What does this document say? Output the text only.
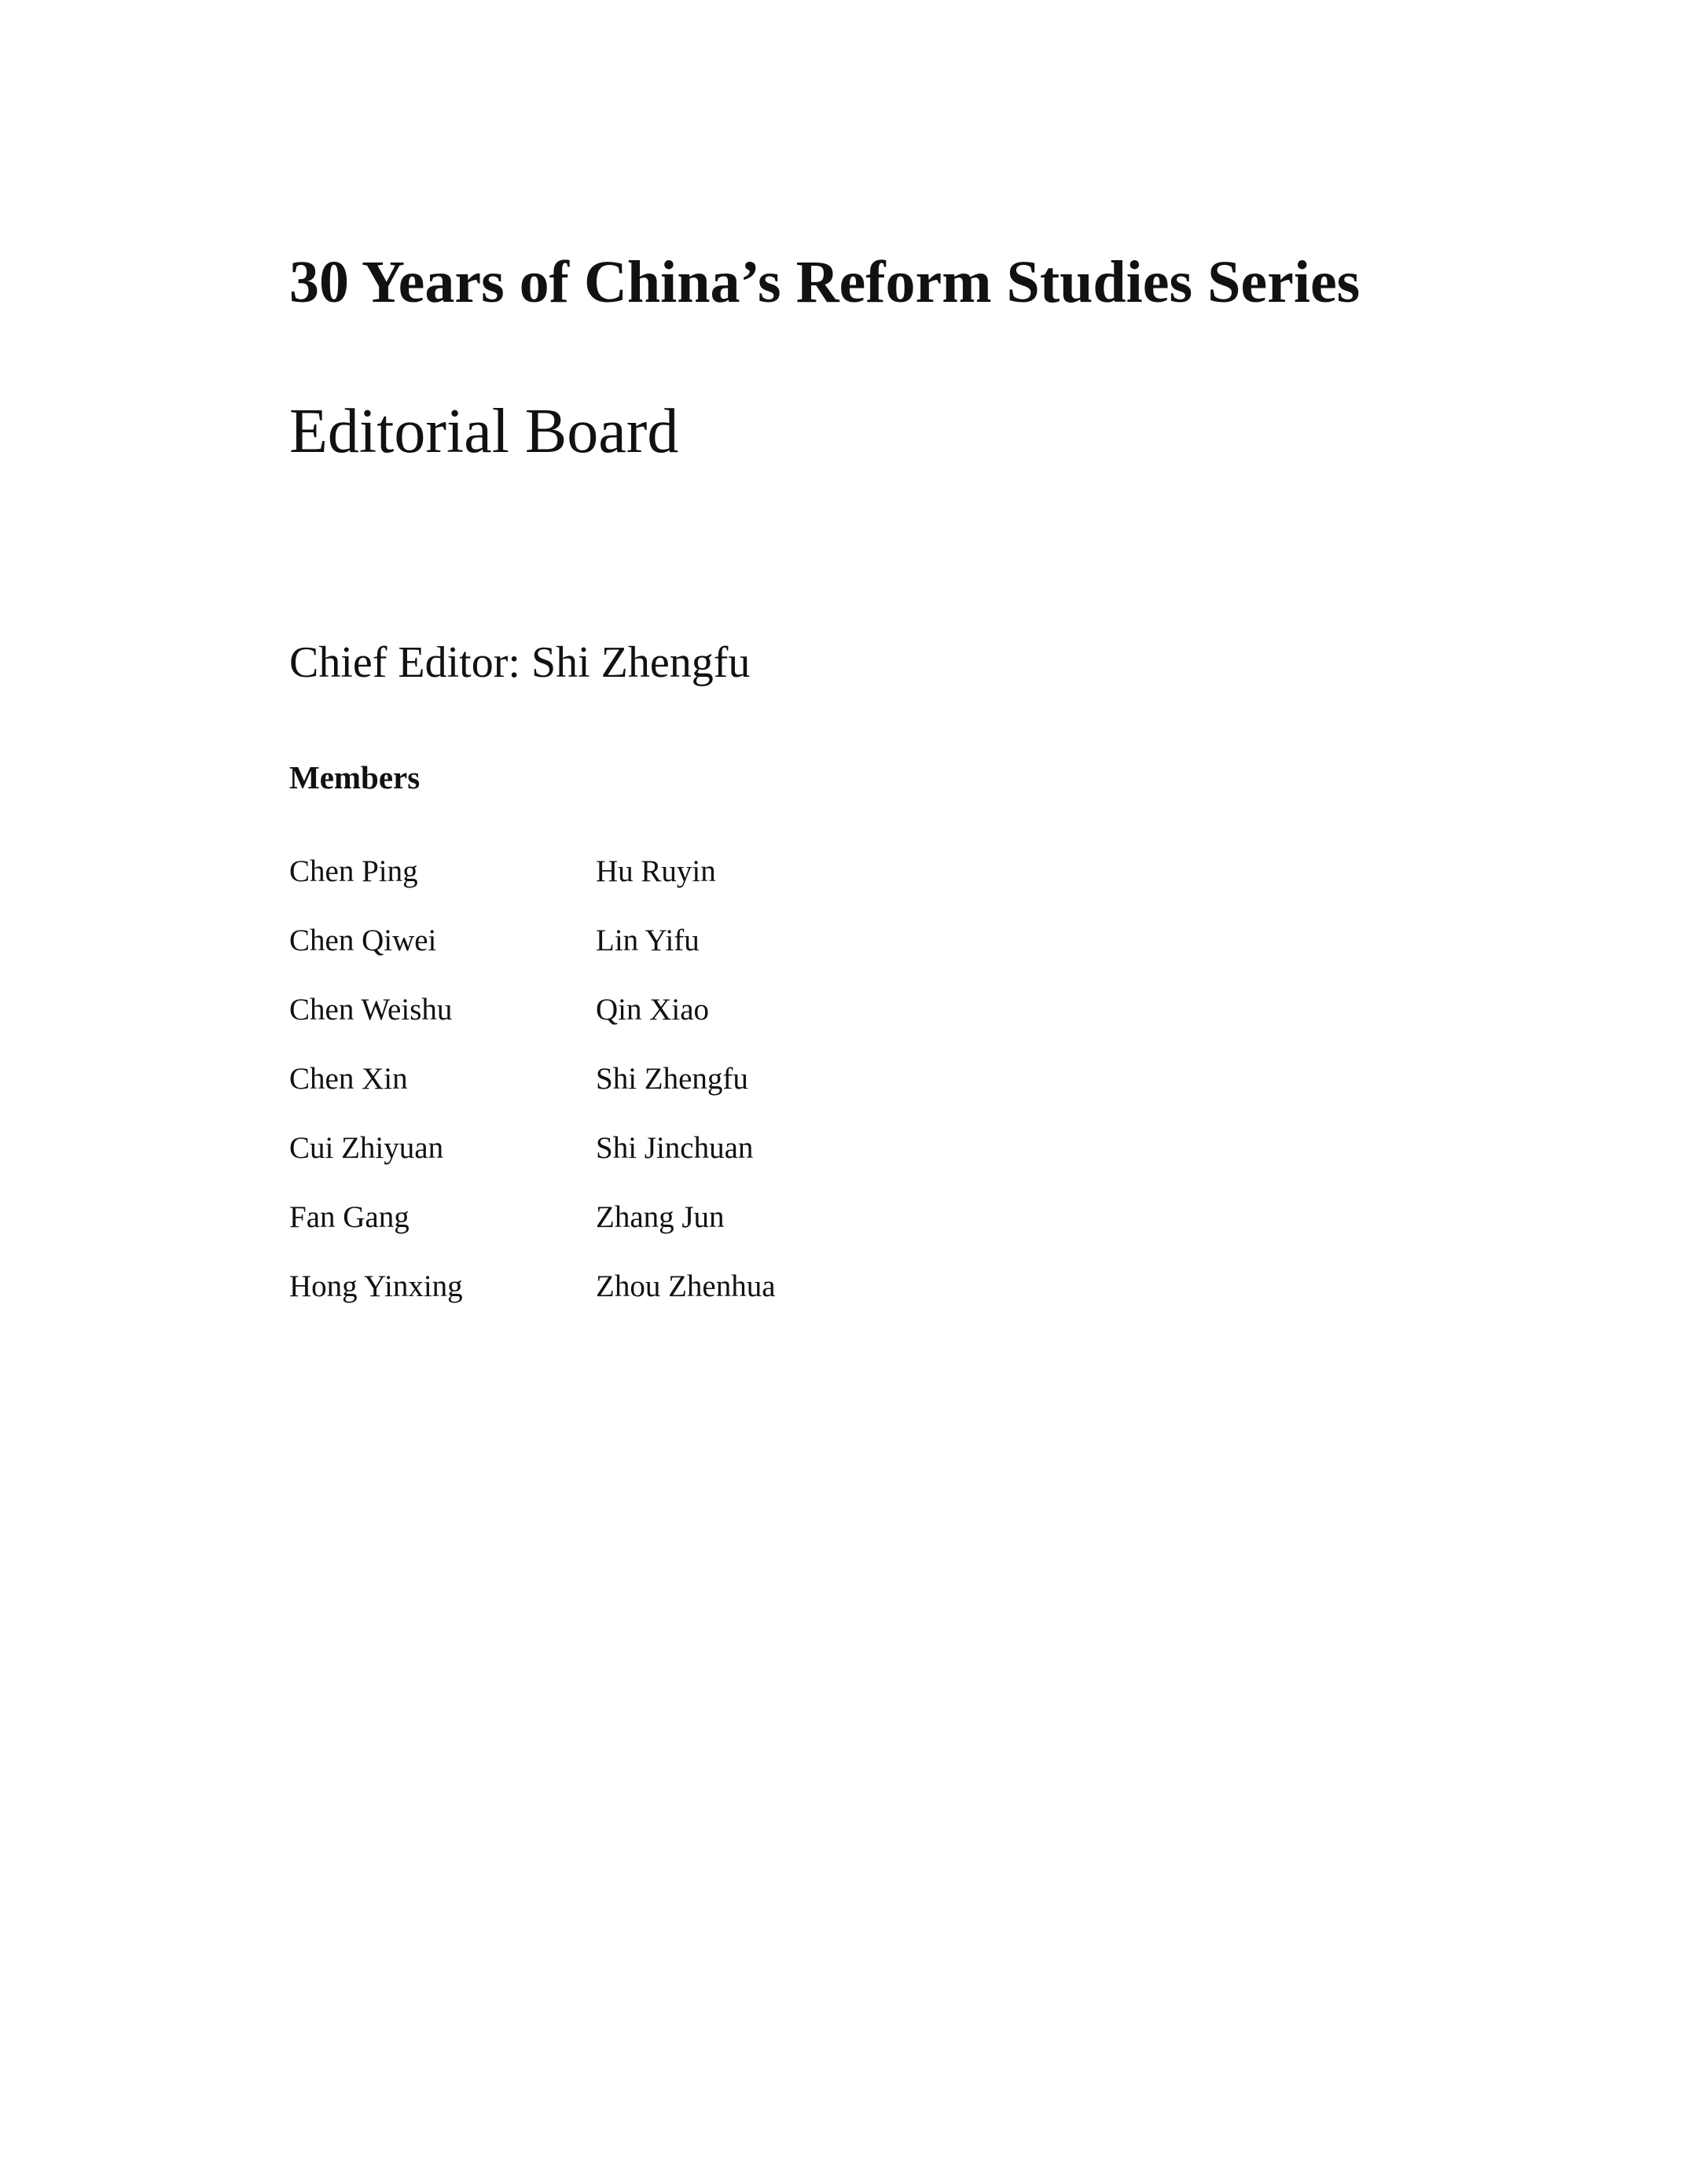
30 Years of China’s Reform Studies Series
Editorial Board

Chief Editor: Shi Zhengfu

Members

Chen Ping
Chen Qiwei
Chen Weishu
Chen Xin
Cui Zhiyuan
Fan Gang
Hong Yinxing
Hu Ruyin
Lin Yifu
Qin Xiao
Shi Zhengfu
Shi Jinchuan
Zhang Jun
Zhou Zhenhua
